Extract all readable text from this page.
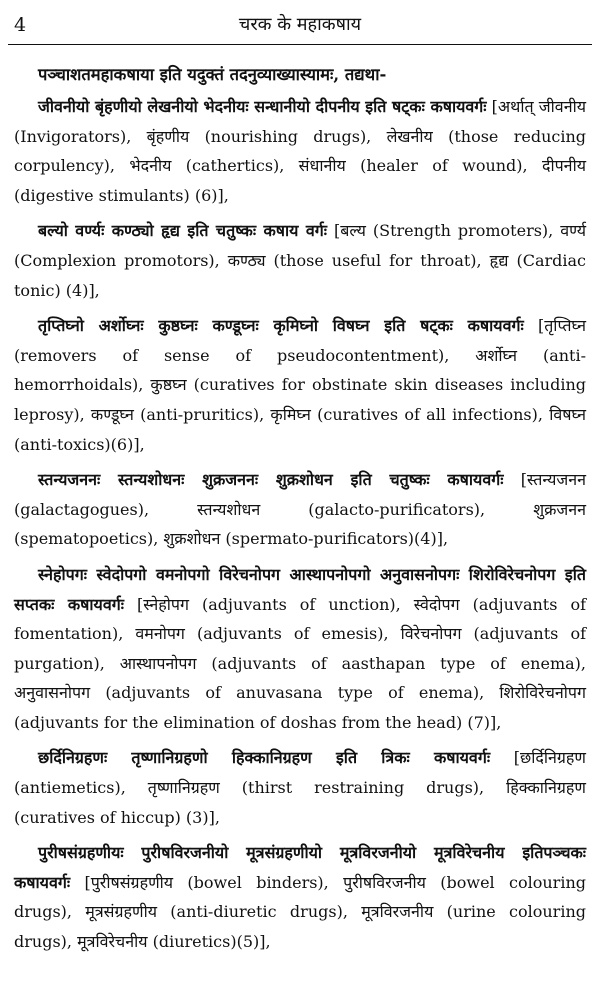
4	चरक के महाकषाय

पञ्चाशतमहाकषाया इति यदुक्तं तदनुव्याख्यास्यामः, तद्यथा-

जीवनीयो बृंहणीयो लेखनीयो भेदनीयः सन्धानीयो दीपनीय इति षट्कः कषायवर्गः [अर्थात् जीवनीय (Invigorators), बृंहणीय (nourishing drugs), लेखनीय (those reducing corpulency), भेदनीय (cathertics), संधानीय (healer of wound), दीपनीय (digestive stimulants) (6)],

बल्यो वर्ण्यः कण्ठ्यो हृद्य इति चतुष्कः कषाय वर्गः [बल्य (Strength promoters), वर्ण्य (Complexion promotors), कण्ठ्य (those useful for throat), हृद्य (Cardiac tonic) (4)],

तृप्तिघ्नो अर्शोघ्नः कुष्ठघ्नः कण्डूघ्नः कृमिघ्नो विषघ्न इति षट्कः कषायवर्गः [तृप्तिघ्न (removers of sense of pseudocontentment), अर्शोघ्न (anti-hemorrhoidals), कुष्ठघ्न (curatives for obstinate skin diseases including leprosy), कण्डूघ्न (anti-pruritics), कृमिघ्न (curatives of all infections), विषघ्न (anti-toxics)(6)],

स्तन्यजननः स्तन्यशोधनः शुक्रजननः शुक्रशोधन इति चतुष्कः कषायवर्गः [स्तन्यजनन (galactagogues), स्तन्यशोधन (galacto-purificators), शुक्रजनन (spematopoetics), शुक्रशोधन (spermato-purificators)(4)],

स्नेहोपगः स्वेदोपगो वमनोपगो विरेचनोपग आस्थापनोपगो अनुवासनोपगः शिरोविरेचनोपग इति सप्तकः कषायवर्गः [स्नेहोपग (adjuvants of unction), स्वेदोपग (adjuvants of fomentation), वमनोपग (adjuvants of emesis), विरेचनोपग (adjuvants of purgation), आस्थापनोपग (adjuvants of aasthapan type of enema), अनुवासनोपग (adjuvants of anuvasana type of enema), शिरोविरेचनोपग (adjuvants for the elimination of doshas from the head) (7)],

छर्दिनिग्रहणः तृष्णानिग्रहणो हिक्कानिग्रहण इति त्रिकः कषायवर्गः [छर्दिनिग्रहण (antiemetics), तृष्णानिग्रहण (thirst restraining drugs), हिक्कानिग्रहण (curatives of hiccup) (3)],

पुरीषसंग्रहणीयः पुरीषविरजनीयो मूत्रसंग्रहणीयो मूत्रविरजनीयो मूत्रविरेचनीय इतिपञ्चकः कषायवर्गः [पुरीषसंग्रहणीय (bowel binders), पुरीषविरजनीय (bowel colouring drugs), मूत्रसंग्रहणीय (anti-diuretic drugs), मूत्रविरजनीय (urine colouring drugs), मूत्रविरेचनीय (diuretics)(5)],
